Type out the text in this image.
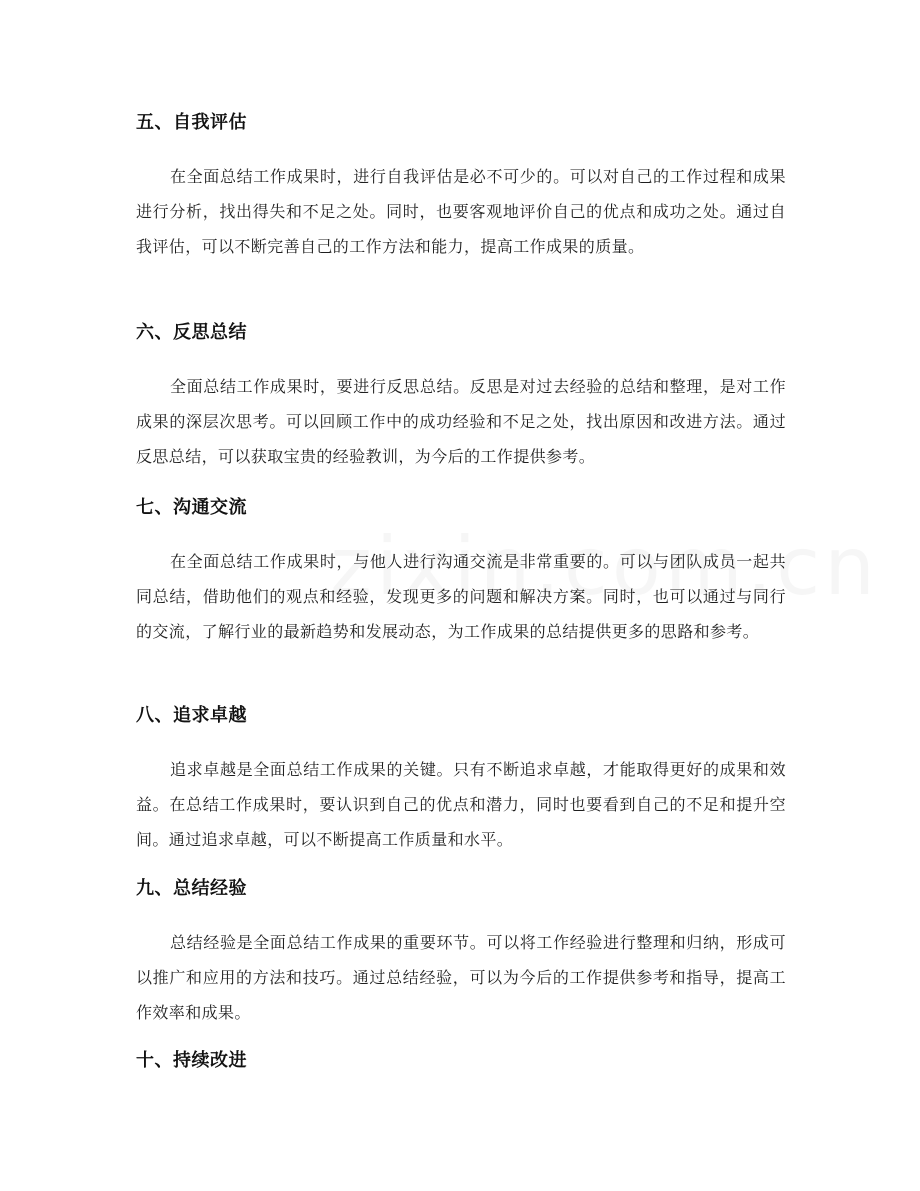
五、自我评估

在全面总结工作成果时，进行自我评估是必不可少的。可以对自己的工作过程和成果进行分析，找出得失和不足之处。同时，也要客观地评价自己的优点和成功之处。通过自我评估，可以不断完善自己的工作方法和能力，提高工作成果的质量。

六、反思总结

全面总结工作成果时，要进行反思总结。反思是对过去经验的总结和整理，是对工作成果的深层次思考。可以回顾工作中的成功经验和不足之处，找出原因和改进方法。通过反思总结，可以获取宝贵的经验教训，为今后的工作提供参考。

七、沟通交流

在全面总结工作成果时，与他人进行沟通交流是非常重要的。可以与团队成员一起共同总结，借助他们的观点和经验，发现更多的问题和解决方案。同时，也可以通过与同行的交流，了解行业的最新趋势和发展动态，为工作成果的总结提供更多的思路和参考。

八、追求卓越

追求卓越是全面总结工作成果的关键。只有不断追求卓越，才能取得更好的成果和效益。在总结工作成果时，要认识到自己的优点和潜力，同时也要看到自己的不足和提升空间。通过追求卓越，可以不断提高工作质量和水平。

九、总结经验

总结经验是全面总结工作成果的重要环节。可以将工作经验进行整理和归纳，形成可以推广和应用的方法和技巧。通过总结经验，可以为今后的工作提供参考和指导，提高工作效率和成果。

十、持续改进
